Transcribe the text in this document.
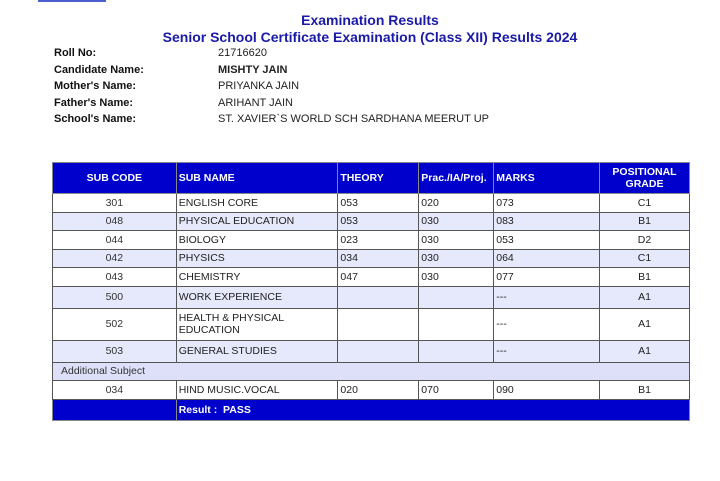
Examination Results
Senior School Certificate Examination (Class XII) Results 2024
Roll No:	21716620
Candidate Name:	MISHTY JAIN
Mother's Name:	PRIYANKA JAIN
Father's Name:	ARIHANT JAIN
School's Name:	ST. XAVIER`S WORLD SCH SARDHANA MEERUT UP
SUB CODE	SUB NAME	THEORY	Prac./IA/Proj.	MARKS	POSITIONAL GRADE
301	ENGLISH CORE	053	020	073	C1
048	PHYSICAL EDUCATION	053	030	083	B1
044	BIOLOGY	023	030	053	D2
042	PHYSICS	034	030	064	C1
043	CHEMISTRY	047	030	077	B1
500	WORK EXPERIENCE			---	A1
502	HEALTH & PHYSICAL EDUCATION			---	A1
503	GENERAL STUDIES			---	A1
Additional Subject					
034	HIND MUSIC.VOCAL	020	070	090	B1
	Result : PASS				
